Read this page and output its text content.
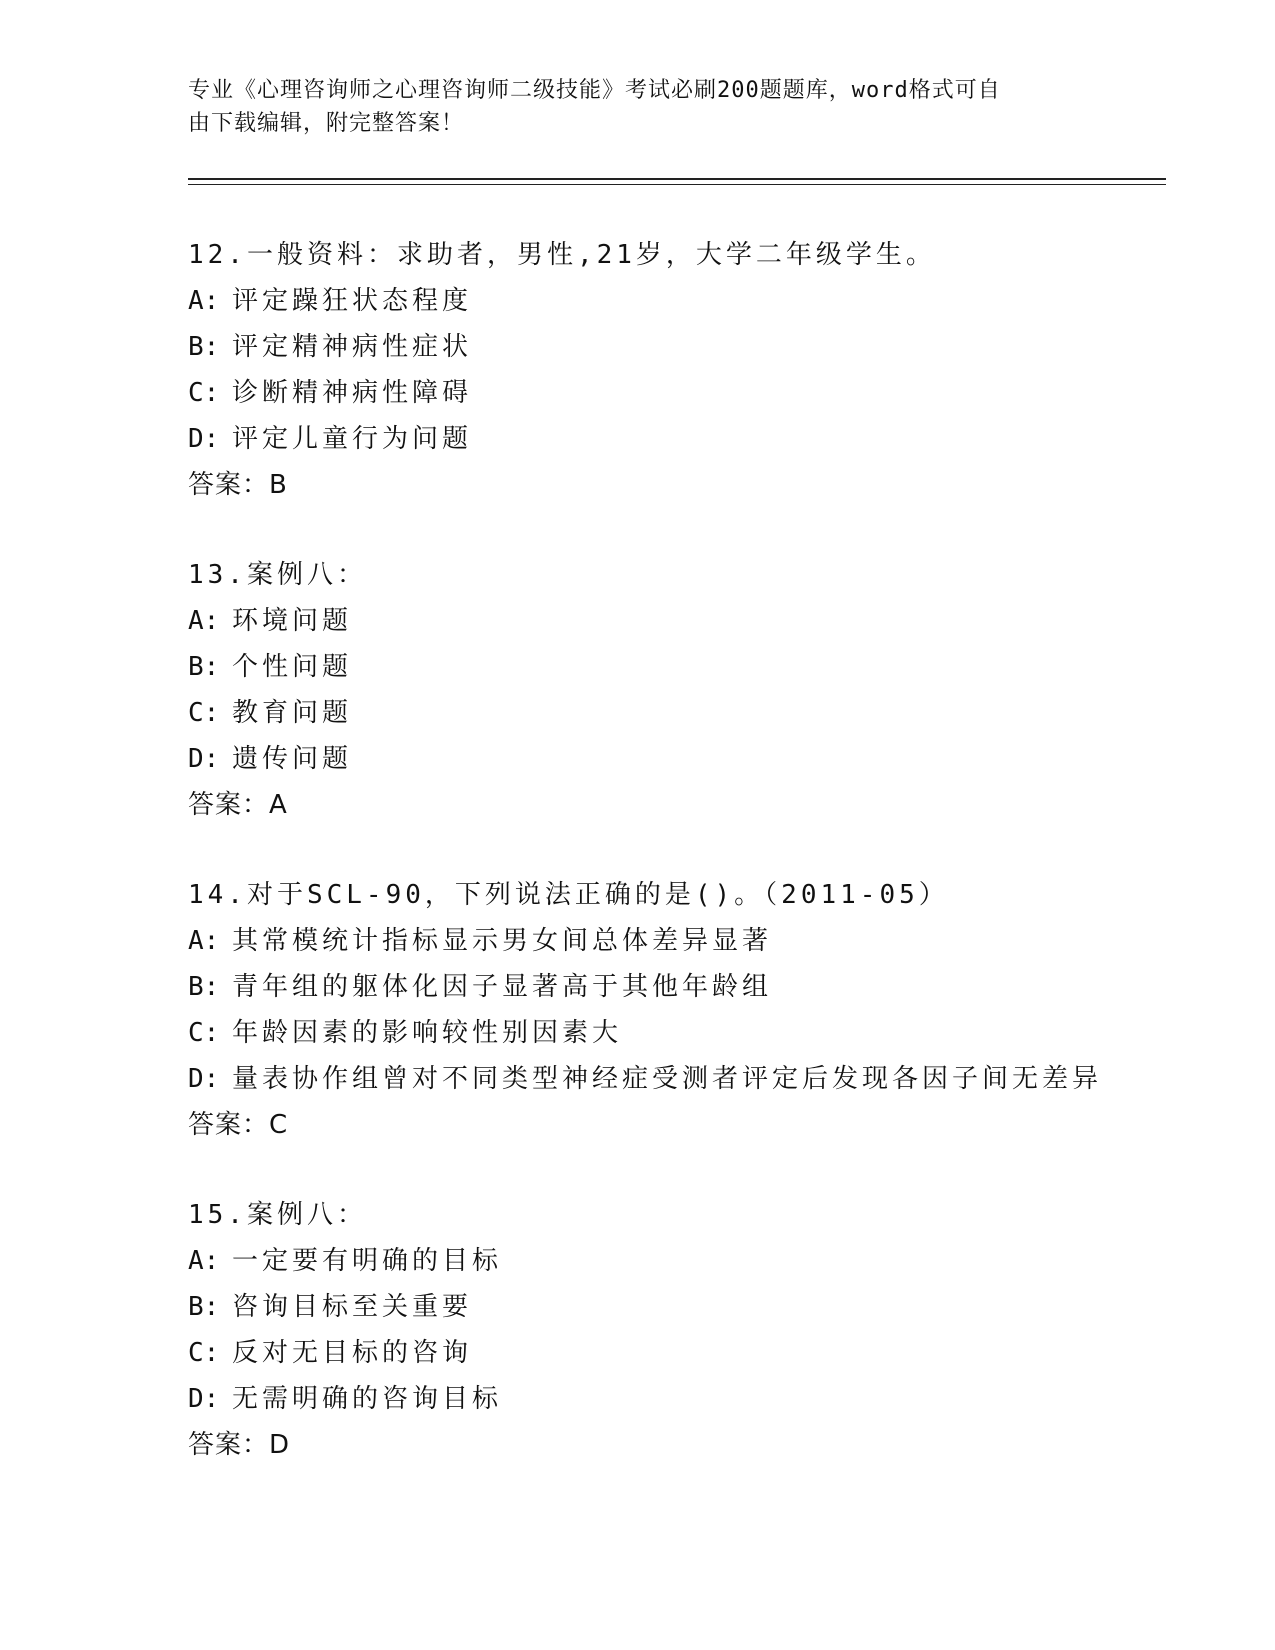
专业《心理咨询师之心理咨询师二级技能》考试必刷200题题库，word格式可自
由下载编辑，附完整答案！
12.一般资料：求助者，男性,21岁，大学二年级学生。
A: 评定躁狂状态程度
B: 评定精神病性症状
C: 诊断精神病性障碍
D: 评定儿童行为问题
答案：B
13.案例八：
A: 环境问题
B: 个性问题
C: 教育问题
D: 遗传问题
答案：A
14.对于SCL-90，下列说法正确的是()。（2011-05）
A: 其常模统计指标显示男女间总体差异显著
B: 青年组的躯体化因子显著高于其他年龄组
C: 年龄因素的影响较性别因素大
D: 量表协作组曾对不同类型神经症受测者评定后发现各因子间无差异
答案：C
15.案例八：
A: 一定要有明确的目标
B: 咨询目标至关重要
C: 反对无目标的咨询
D: 无需明确的咨询目标
答案：D
